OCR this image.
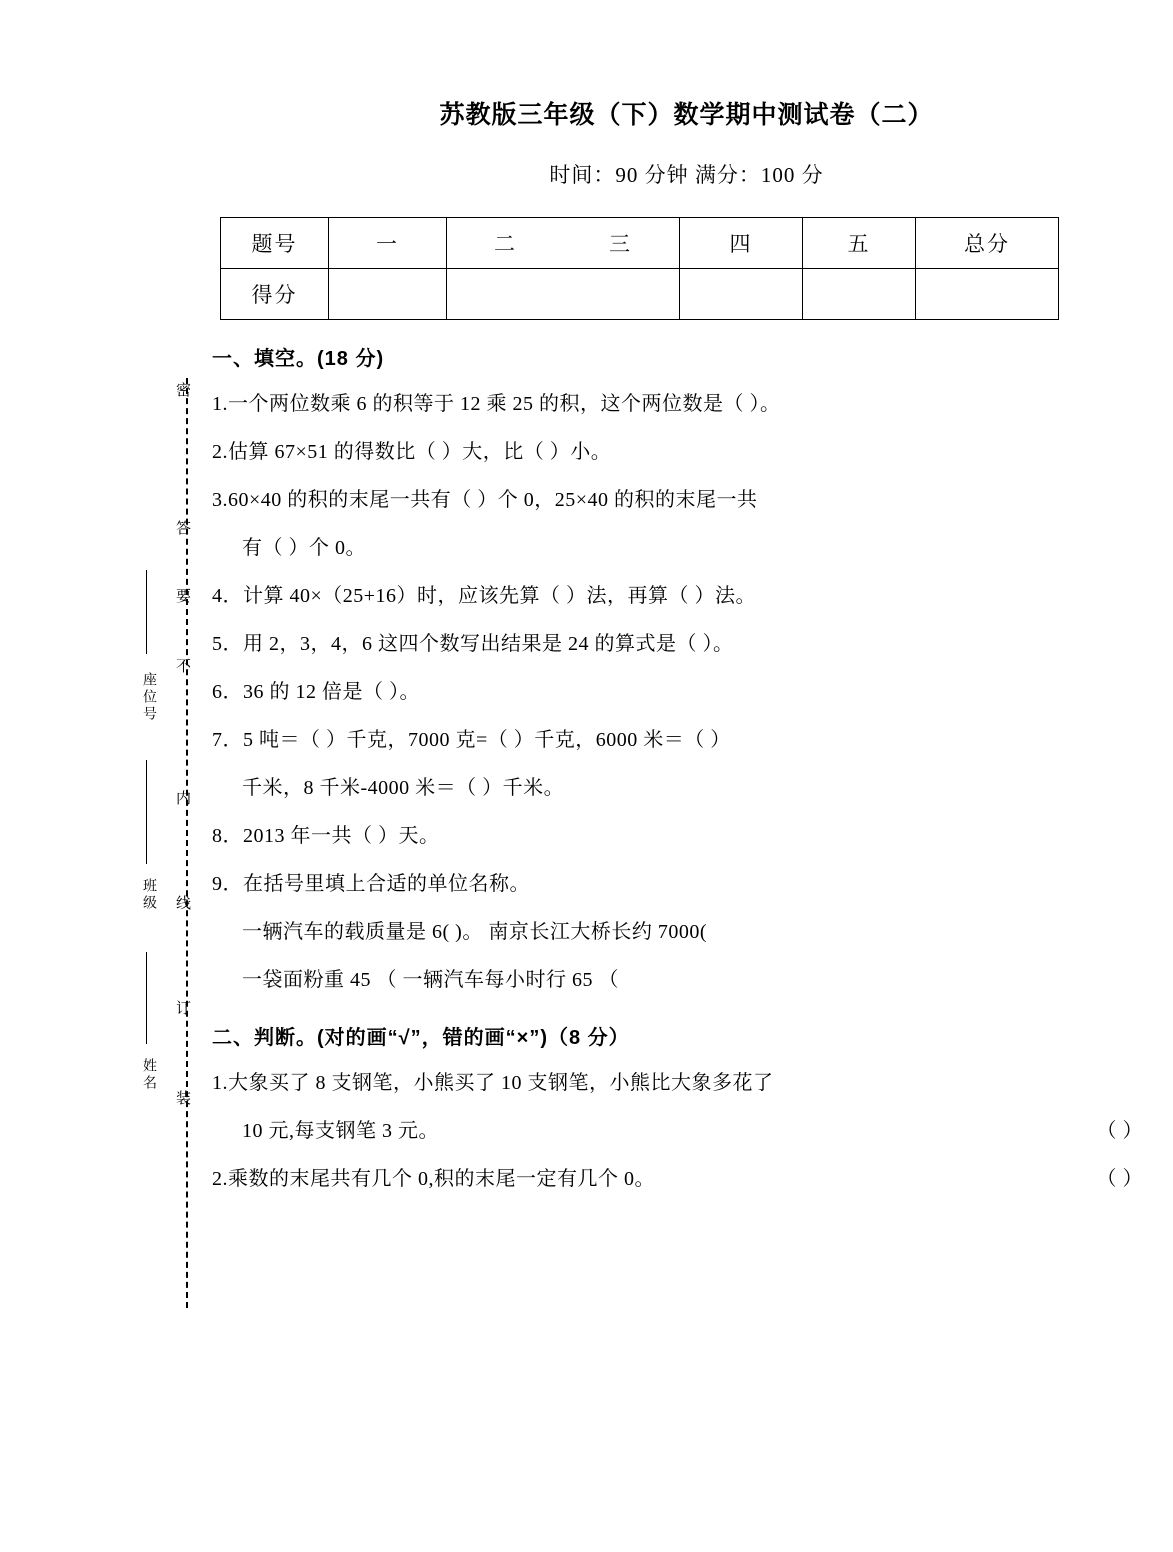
密
答
要
不
内
线
订
装
座位号
班级
姓名
苏教版三年级（下）数学期中测试卷（二）
时间：90 分钟 满分：100 分
题号	一	二 三	四	五	总分
得分					
一、填空。(18 分)
1.一个两位数乘 6 的积等于 12 乘 25 的积，这个两位数是（ ）。
2.估算 67×51 的得数比（ ）大，比（ ）小。
3.60×40 的积的末尾一共有（ ）个 0，25×40 的积的末尾一共
有（ ）个 0。
4．计算 40×（25+16）时，应该先算（ ）法，再算（ ）法。
5．用 2，3，4，6 这四个数写出结果是 24 的算式是（ ）。
6．36 的 12 倍是（ ）。
7．5 吨＝（ ）千克，7000 克=（ ）千克，6000 米＝（ ）
千米，8 千米-4000 米＝（ ）千米。
8．2013 年一共（ ）天。
9．在括号里填上合适的单位名称。
一辆汽车的载质量是 6( )。 南京长江大桥长约 7000(
一袋面粉重 45 （ 一辆汽车每小时行 65 （
二、判断。(对的画“√”，错的画“×”)（8 分）
1.大象买了 8 支钢笔，小熊买了 10 支钢笔，小熊比大象多花了
10 元,每支钢笔 3 元。	（ ）
2.乘数的末尾共有几个 0,积的末尾一定有几个 0。	（ ）
